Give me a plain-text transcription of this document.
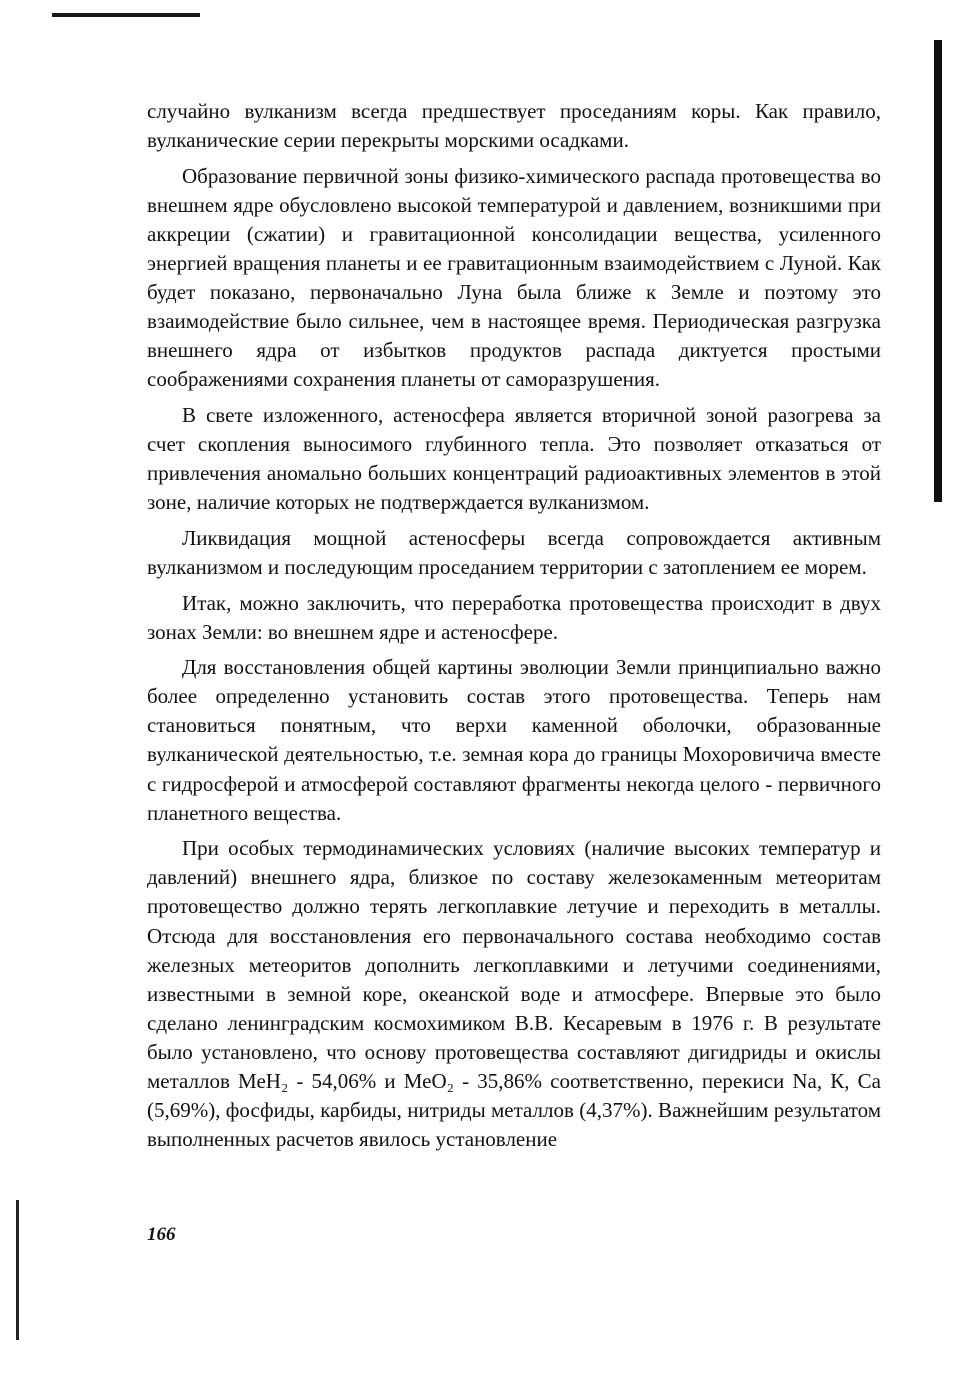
случайно вулканизм всегда предшествует проседаниям коры. Как правило, вулканические серии перекрыты морскими осадками.

Образование первичной зоны физико-химического распада протовещества во внешнем ядре обусловлено высокой температурой и давлением, возникшими при аккреции (сжатии) и гравитационной консолидации вещества, усиленного энергией вращения планеты и ее гравитационным взаимодействием с Луной. Как будет показано, первоначально Луна была ближе к Земле и поэтому это взаимодействие было сильнее, чем в настоящее время. Периодическая разгрузка внешнего ядра от избытков продуктов распада диктуется простыми соображениями сохранения планеты от саморазрушения.

В свете изложенного, астеносфера является вторичной зоной разогрева за счет скопления выносимого глубинного тепла. Это позволяет отказаться от привлечения аномально больших концентраций радиоактивных элементов в этой зоне, наличие которых не подтверждается вулканизмом.

Ликвидация мощной астеносферы всегда сопровождается активным вулканизмом и последующим проседанием территории с затоплением ее морем.

Итак, можно заключить, что переработка протовещества происходит в двух зонах Земли: во внешнем ядре и астеносфере.

Для восстановления общей картины эволюции Земли принципиально важно более определенно установить состав этого протовещества. Теперь нам становиться понятным, что верхи каменной оболочки, образованные вулканической деятельностью, т.е. земная кора до границы Мохоровичича вместе с гидросферой и атмосферой составляют фрагменты некогда целого - первичного планетного вещества.

При особых термодинамических условиях (наличие высоких температур и давлений) внешнего ядра, близкое по составу железокаменным метеоритам протовещество должно терять легкоплавкие летучие и переходить в металлы. Отсюда для восстановления его первоначального состава необходимо состав железных метеоритов дополнить легкоплавкими и летучими соединениями, известными в земной коре, океанской воде и атмосфере. Впервые это было сделано ленинградским космохимиком В.В. Кесаревым в 1976 г. В результате было установлено, что основу протовещества составляют дигидриды и окислы металлов МеН₂ - 54,06% и МеО₂ - 35,86% соответственно, перекиси Na, К, Са (5,69%), фосфиды, карбиды, нитриды металлов (4,37%). Важнейшим результатом выполненных расчетов явилось установление

166
